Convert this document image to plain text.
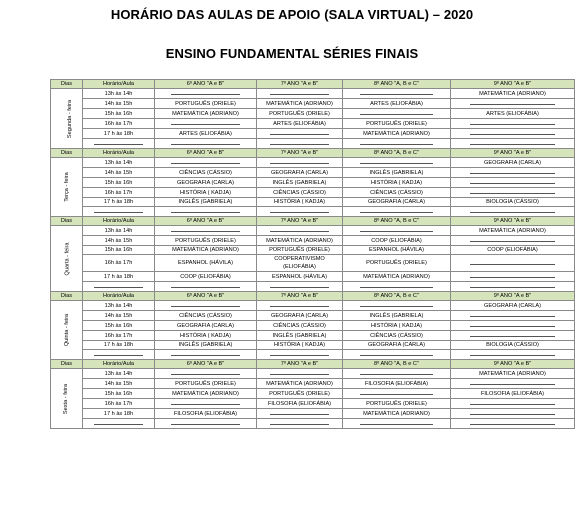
HORÁRIO DAS AULAS DE APOIO (SALA VIRTUAL) – 2020
ENSINO FUNDAMENTAL SÉRIES FINAIS
Dias	Horário/Aula	6º ANO "A e B"	7º ANO "A e B"	8º ANO "A, B e C"	9º ANO "A e B"
Segunda - feira	13h às 14h				MATEMÁTICA (ADRIANO)
	14h às 15h	PORTUGUÊS (DRIELE)	MATEMÁTICA (ADRIANO)	ARTES (ELIOFÁBIA)	
	15h às 16h	MATEMÁTICA (ADRIANO)	PORTUGUÊS (DRIELE)		ARTES (ELIOFÁBIA)
	16h às 17h		ARTES (ELIOFÁBIA)	PORTUGUÊS (DRIELE)	
	17 h às 18h	ARTES (ELIOFÁBIA)		MATEMÁTICA (ADRIANO)	

Dias	Horário/Aula	6º ANO "A e B"	7º ANO "A e B"	8º ANO "A, B e C"	9º ANO "A e B"
Terça - feira	13h às 14h				GEOGRAFIA (CARLA)
	14h às 15h	CIÊNCIAS (CÁSSIO)	GEOGRAFIA (CARLA)	INGLÊS (GABRIELA)	
	15h às 16h	GEOGRAFIA (CARLA)	INGLÊS (GABRIELA)	HISTÓRIA ( KADJA)	
	16h às 17h	HISTÓRIA ( KADJA)	CIÊNCIAS (CÁSSIO)	CIÊNCIAS (CÁSSIO)	
	17 h às 18h	INGLÊS (GABRIELA)	HISTÓRIA ( KADJA)	GEOGRAFIA (CARLA)	BIOLOGIA (CÁSSIO)

Dias	Horário/Aula	6º ANO "A e B"	7º ANO "A e B"	8º ANO "A, B e C"	9º ANO "A e B"
Quarta - feira	13h às 14h				MATEMÁTICA (ADRIANO)
	14h às 15h	PORTUGUÊS (DRIELE)	MATEMÁTICA (ADRIANO)	COOP (ELIOFÁBIA)	
	15h às 16h	MATEMÁTICA (ADRIANO)	PORTUGUÊS (DRIELE)	ESPANHOL (HÁVILA)	COOP (ELIOFÁBIA)
	16h às 17h	ESPANHOL (HÁVILA)	COOPERATIVISMO (ELIOFÁBIA)	PORTUGUÊS (DRIELE)	
	17 h às 18h	COOP (ELIOFÁBIA)	ESPANHOL (HÁVILA)	MATEMÁTICA (ADRIANO)	

Dias	Horário/Aula	6º ANO "A e B"	7º ANO "A e B"	8º ANO "A, B e C"	9º ANO "A e B"
Quinta - feira	13h às 14h				GEOGRAFIA (CARLA)
	14h às 15h	CIÊNCIAS (CÁSSIO)	GEOGRAFIA (CARLA)	INGLÊS (GABRIELA)	
	15h às 16h	GEOGRAFIA (CARLA)	CIÊNCIAS (CÁSSIO)	HISTÓRIA ( KADJA)	
	16h às 17h	HISTÓRIA ( KADJA)	INGLÊS (GABRIELA)	CIÊNCIAS (CÁSSIO)	
	17 h às 18h	INGLÊS (GABRIELA)	HISTÓRIA ( KADJA)	GEOGRAFIA (CARLA)	BIOLOGIA (CÁSSIO)

Dias	Horário/Aula	6º ANO "A e B"	7º ANO "A e B"	8º ANO "A, B e C"	9º ANO "A e B"
Sexta - feira	13h às 14h				MATEMÁTICA (ADRIANO)
	14h às 15h	PORTUGUÊS (DRIELE)	MATEMÁTICA (ADRIANO)	FILOSOFIA (ELIOFÁBIA)	
	15h às 16h	MATEMÁTICA (ADRIANO)	PORTUGUÊS (DRIELE)		FILOSOFIA (ELIOFÁBIA)
	16h às 17h		FILOSOFIA (ELIOFÁBIA)	PORTUGUÊS (DRIELE)	
	17 h às 18h	FILOSOFIA (ELIOFÁBIA)		MATEMÁTICA (ADRIANO)	
